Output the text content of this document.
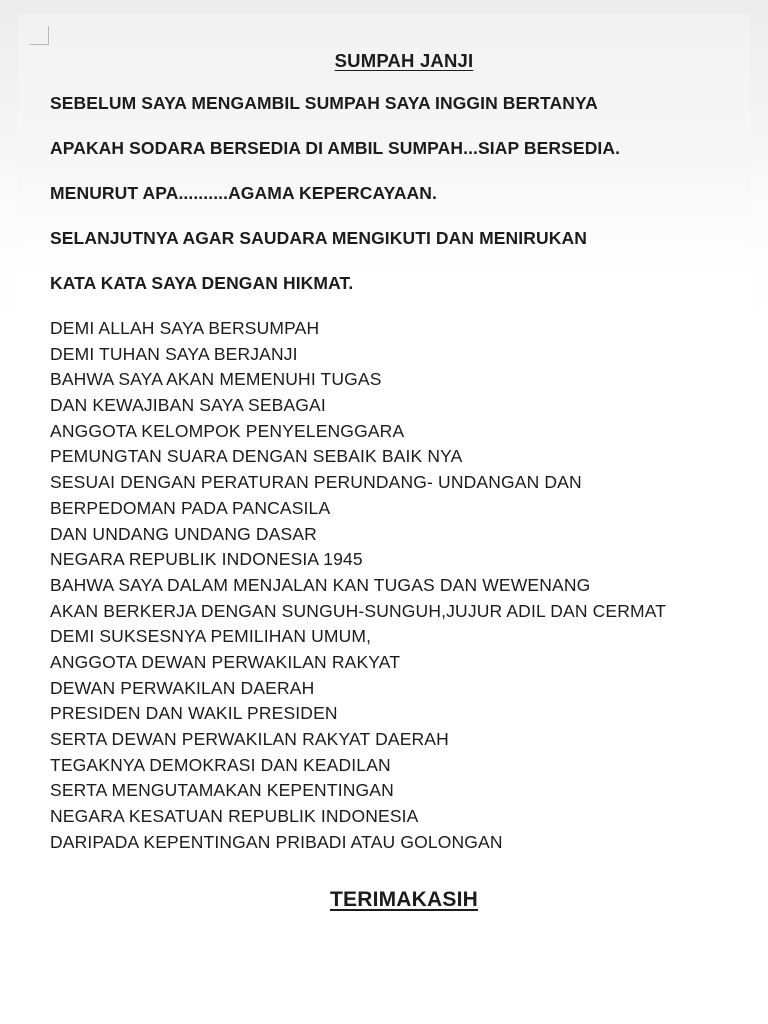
SUMPAH JANJI
SEBELUM SAYA MENGAMBIL SUMPAH SAYA INGGIN BERTANYA
APAKAH SODARA BERSEDIA DI AMBIL SUMPAH...SIAP BERSEDIA.
MENURUT APA..........AGAMA KEPERCAYAAN.
SELANJUTNYA AGAR SAUDARA MENGIKUTI DAN MENIRUKAN
KATA KATA SAYA DENGAN HIKMAT.
DEMI ALLAH SAYA BERSUMPAH
DEMI TUHAN SAYA BERJANJI
BAHWA SAYA AKAN MEMENUHI TUGAS
DAN KEWAJIBAN SAYA SEBAGAI
ANGGOTA KELOMPOK PENYELENGGARA
PEMUNGTAN SUARA DENGAN SEBAIK BAIK NYA
SESUAI DENGAN PERATURAN PERUNDANG- UNDANGAN DAN
BERPEDOMAN PADA PANCASILA
DAN UNDANG UNDANG DASAR
NEGARA REPUBLIK INDONESIA 1945
BAHWA SAYA DALAM MENJALAN KAN TUGAS DAN WEWENANG
AKAN BERKERJA DENGAN SUNGUH-SUNGUH,JUJUR ADIL DAN CERMAT
DEMI SUKSESNYA PEMILIHAN UMUM,
ANGGOTA DEWAN PERWAKILAN RAKYAT
DEWAN PERWAKILAN DAERAH
PRESIDEN DAN WAKIL PRESIDEN
SERTA DEWAN PERWAKILAN RAKYAT DAERAH
TEGAKNYA DEMOKRASI DAN KEADILAN
SERTA MENGUTAMAKAN KEPENTINGAN
NEGARA KESATUAN REPUBLIK INDONESIA
DARIPADA KEPENTINGAN PRIBADI ATAU GOLONGAN
TERIMAKASIH
